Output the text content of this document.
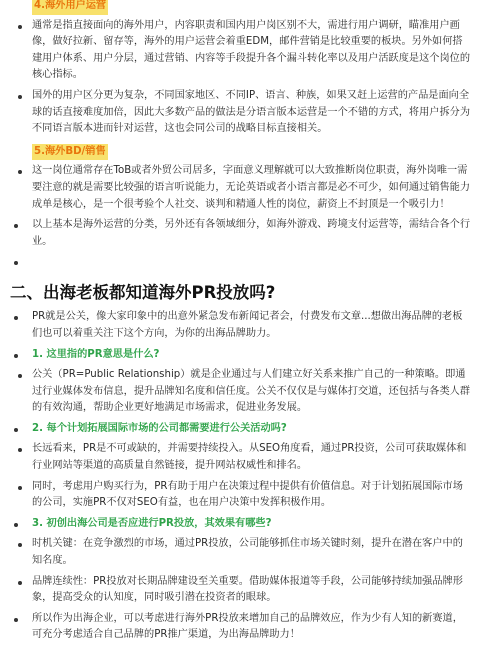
4.海外用户运营
通常是指直接面向的海外用户，内容职责和国内用户岗区别不大，需进行用户调研，瞄准用户画像，做好拉新、留存等，海外的用户运营会着重EDM，邮件营销是比较重要的板块。另外如何搭建用户体系、用户分层，通过营销、内容等手段提升各个漏斗转化率以及用户活跃度是这个岗位的核心指标。
国外的用户区分更为复杂，不同国家地区、不同IP、语言、种族，如果又赶上运营的产品是面向全球的话直接难度加倍，因此大多数产品的做法是分语言版本运营是一个不错的方式，将用户拆分为不同语言版本进而针对运营，这也会同公司的战略目标直接相关。
5.海外BD/销售
这一岗位通常存在ToB或者外贸公司居多，字面意义理解就可以大致推断岗位职责，海外岗唯一需要注意的就是需要比较强的语言听说能力，无论英语或者小语言都是必不可少，如何通过销售能力成单是核心，是一个很考验个人社交、谈判和精通人性的岗位，薪资上不封顶是一个吸引力！
以上基本是海外运营的分类，另外还有各领域细分，如海外游戏、跨境支付运营等，需结合各个行业。
二、出海老板都知道海外PR投放吗?
PR就是公关，像大家印象中的出意外紧急发布新闻记者会，付费发布文章...想做出海品牌的老板们也可以着重关注下这个方向，为你的出海品牌助力。
1. 这里指的PR意思是什么?
公关（PR=Public Relationship）就是企业通过与人们建立好关系来推广自己的一种策略。即通过行业媒体发布信息，提升品牌知名度和信任度。公关不仅仅是与媒体打交道，还包括与各类人群的有效沟通，帮助企业更好地满足市场需求，促进业务发展。
2. 每个计划拓展国际市场的公司都需要进行公关活动吗?
长远看来，PR是不可或缺的，并需要持续投入。从SEO角度看，通过PR投资，公司可获取媒体和行业网站等渠道的高质量自然链接，提升网站权威性和排名。
同时，考虑用户购买行为，PR有助于用户在决策过程中提供有价值信息。对于计划拓展国际市场的公司，实施PR不仅对SEO有益，也在用户决策中发挥积极作用。
3. 初创出海公司是否应进行PR投放，其效果有哪些?
时机关键：在竞争激烈的市场，通过PR投放，公司能够抓住市场关键时刻，提升在潜在客户中的知名度。
品牌连续性：PR投放对长期品牌建设至关重要。借助媒体报道等手段，公司能够持续加强品牌形象，提高受众的认知度，同时吸引潜在投资者的眼球。
所以作为出海企业，可以考虑进行海外PR投放来增加自己的品牌效应，作为少有人知的新赛道，可充分考虑适合自己品牌的PR推广渠道，为出海品牌助力！
